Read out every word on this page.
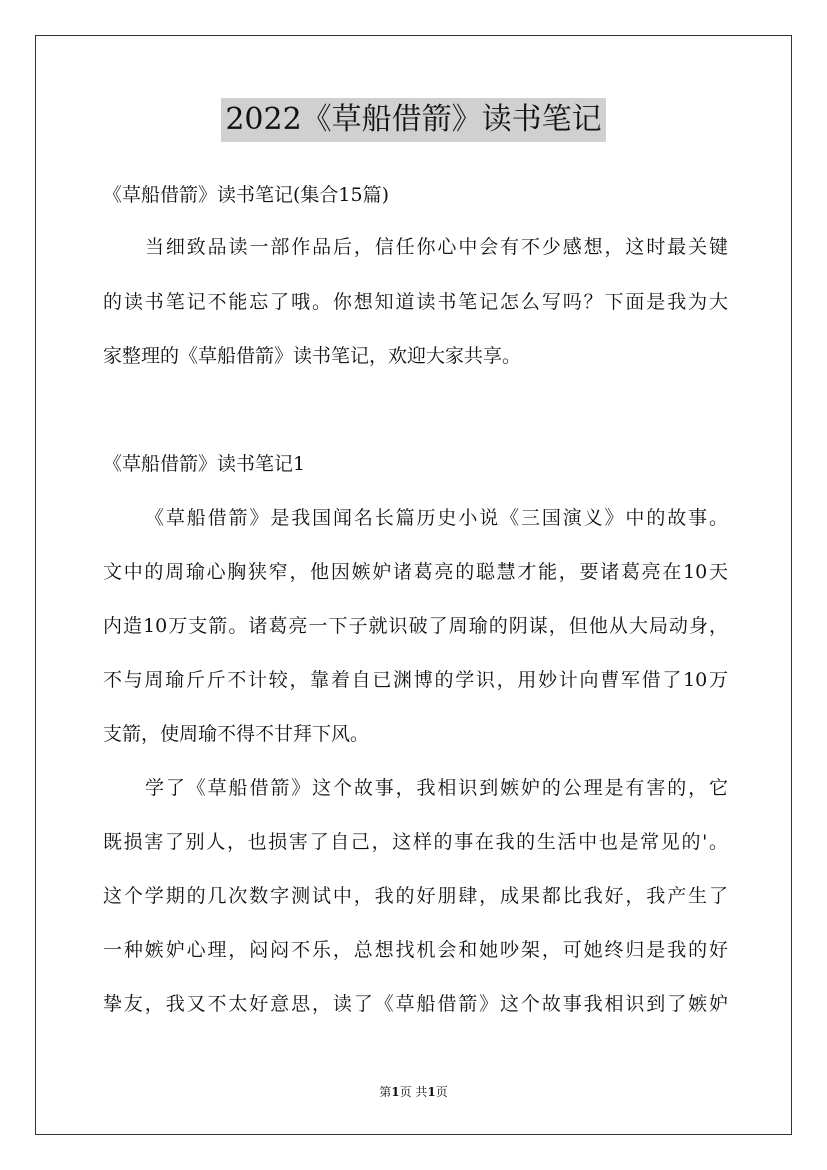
2022《草船借箭》读书笔记
《草船借箭》读书笔记(集合15篇)
当细致品读一部作品后，信任你心中会有不少感想，这时最关键
的读书笔记不能忘了哦。你想知道读书笔记怎么写吗？下面是我为大
家整理的《草船借箭》读书笔记，欢迎大家共享。
《草船借箭》读书笔记1
《草船借箭》是我国闻名长篇历史小说《三国演义》中的故事。
文中的周瑜心胸狭窄，他因嫉妒诸葛亮的聪慧才能，要诸葛亮在10天
内造10万支箭。诸葛亮一下子就识破了周瑜的阴谋，但他从大局动身，
不与周瑜斤斤不计较，靠着自已渊博的学识，用妙计向曹军借了10万
支箭，使周瑜不得不甘拜下风。
学了《草船借箭》这个故事，我相识到嫉妒的公理是有害的，它
既损害了别人，也损害了自己，这样的事在我的生活中也是常见的'。
这个学期的几次数字测试中，我的好朋肆，成果都比我好，我产生了
一种嫉妒心理，闷闷不乐，总想找机会和她吵架，可她终归是我的好
挚友，我又不太好意思，读了《草船借箭》这个故事我相识到了嫉妒
第1页 共1页
